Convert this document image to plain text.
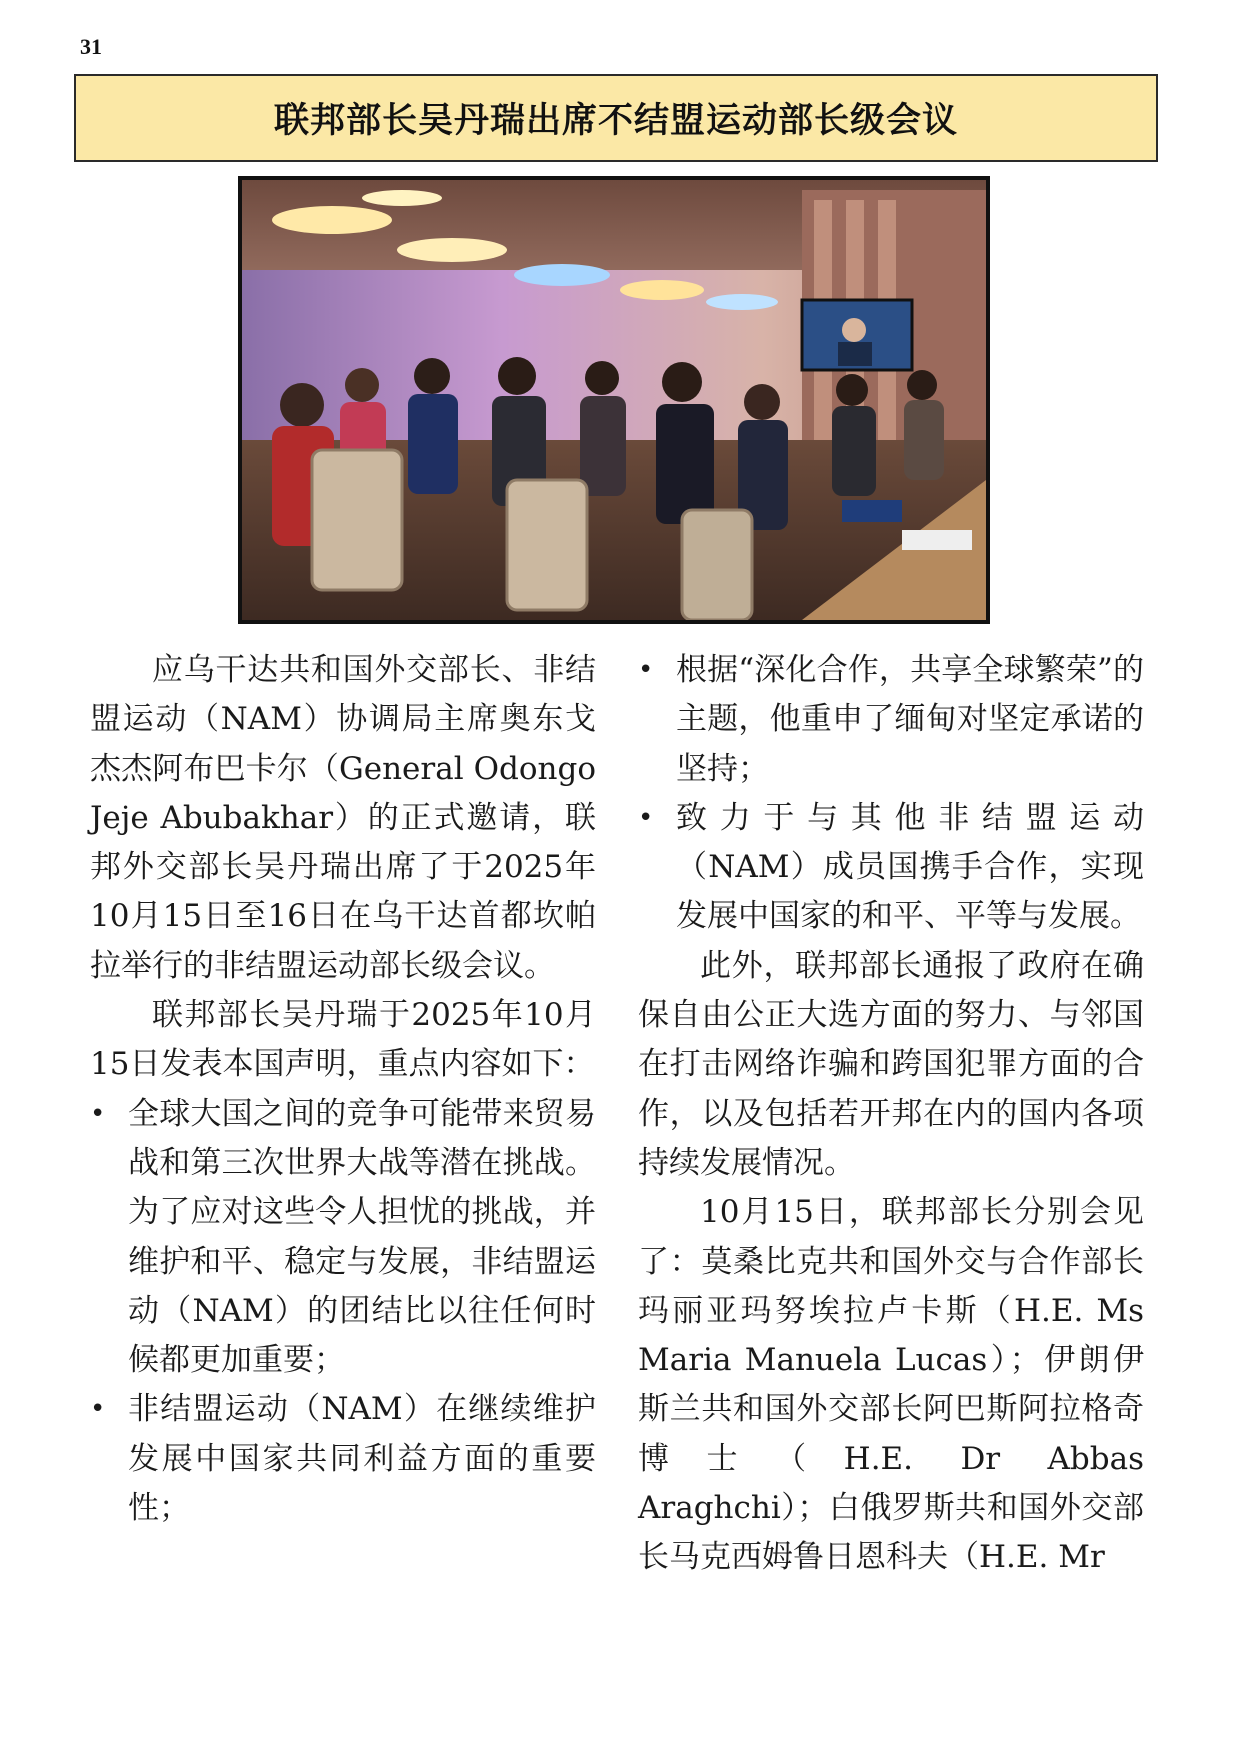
31
联邦部长吴丹瑞出席不结盟运动部长级会议

应乌干达共和国外交部长、非结盟运动（NAM）协调局主席奥东戈杰杰阿布巴卡尔（General Odongo Jeje Abubakhar）的正式邀请，联邦外交部长吴丹瑞出席了于2025年10月15日至16日在乌干达首都坎帕拉举行的非结盟运动部长级会议。

联邦部长吴丹瑞于2025年10月15日发表本国声明，重点内容如下：

• 全球大国之间的竞争可能带来贸易战和第三次世界大战等潜在挑战。为了应对这些令人担忧的挑战，并维护和平、稳定与发展，非结盟运动（NAM）的团结比以往任何时候都更加重要；
• 非结盟运动（NAM）在继续维护发展中国家共同利益方面的重要性；
• 根据“深化合作，共享全球繁荣”的主题，他重申了缅甸对坚定承诺的坚持；
• 致力于与其他非结盟运动（NAM）成员国携手合作，实现发展中国家的和平、平等与发展。

此外，联邦部长通报了政府在确保自由公正大选方面的努力、与邻国在打击网络诈骗和跨国犯罪方面的合作，以及包括若开邦在内的国内各项持续发展情况。

10月15日，联邦部长分别会见了：莫桑比克共和国外交与合作部长玛丽亚玛努埃拉卢卡斯（H.E. Ms Maria Manuela Lucas）；伊朗伊斯兰共和国外交部长阿巴斯阿拉格奇博士（H.E. Dr Abbas Araghchi）；白俄罗斯共和国外交部长马克西姆鲁日恩科夫（H.E. Mr
